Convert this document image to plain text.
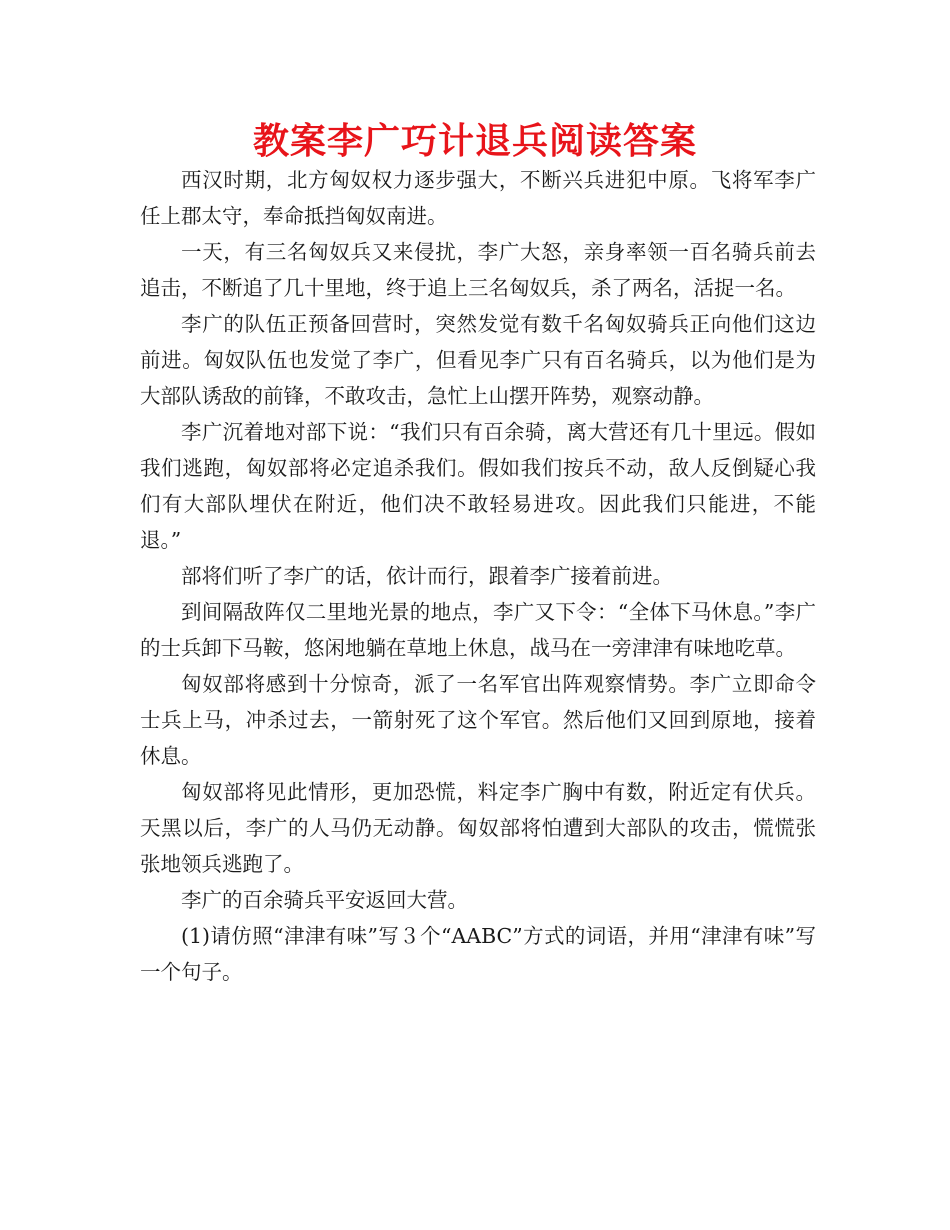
教案李广巧计退兵阅读答案

西汉时期，北方匈奴权力逐步强大，不断兴兵进犯中原。飞将军李广任上郡太守，奉命抵挡匈奴南进。

一天，有三名匈奴兵又来侵扰，李广大怒，亲身率领一百名骑兵前去追击，不断追了几十里地，终于追上三名匈奴兵，杀了两名，活捉一名。

李广的队伍正预备回营时，突然发觉有数千名匈奴骑兵正向他们这边前进。匈奴队伍也发觉了李广，但看见李广只有百名骑兵，以为他们是为大部队诱敌的前锋，不敢攻击，急忙上山摆开阵势，观察动静。

李广沉着地对部下说：“我们只有百余骑，离大营还有几十里远。假如我们逃跑，匈奴部将必定追杀我们。假如我们按兵不动，敌人反倒疑心我们有大部队埋伏在附近，他们决不敢轻易进攻。因此我们只能进，不能退。”

部将们听了李广的话，依计而行，跟着李广接着前进。

到间隔敌阵仅二里地光景的地点，李广又下令：“全体下马休息。”李广的士兵卸下马鞍，悠闲地躺在草地上休息，战马在一旁津津有味地吃草。

匈奴部将感到十分惊奇，派了一名军官出阵观察情势。李广立即命令士兵上马，冲杀过去，一箭射死了这个军官。然后他们又回到原地，接着休息。

匈奴部将见此情形，更加恐慌，料定李广胸中有数，附近定有伏兵。天黑以后，李广的人马仍无动静。匈奴部将怕遭到大部队的攻击，慌慌张张地领兵逃跑了。

李广的百余骑兵平安返回大营。

(1)请仿照“津津有味”写３个“AABC”方式的词语，并用“津津有味”写一个句子。
